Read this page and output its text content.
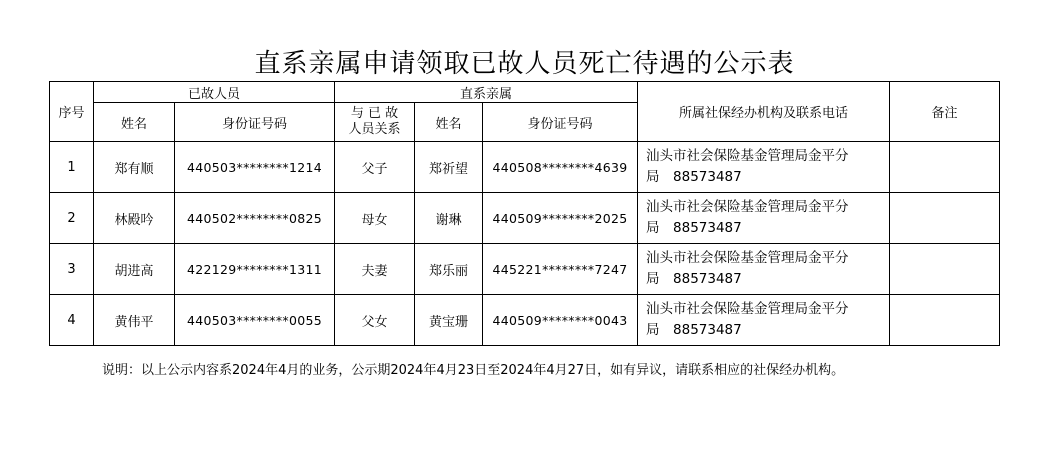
直系亲属申请领取已故人员死亡待遇的公示表
序号	已故人员		直系亲属			所属社保经办机构及联系电话	备注
	姓名	身份证号码	与 已 故
人员关系	姓名	身份证号码		
1	郑有顺	440503********1214	父子	郑祈望	440508********4639	汕头市社会保险基金管理局金平分
局　88573487	

2	林殿吟	440502********0825	母女	谢琳	440509********2025	汕头市社会保险基金管理局金平分
局　88573487	

3	胡进高	422129********1311	夫妻	郑乐丽	445221********7247	汕头市社会保险基金管理局金平分
局　88573487	

4	黄伟平	440503********0055	父女	黄宝珊	440509********0043	汕头市社会保险基金管理局金平分
局　88573487	

说明：以上公示内容系2024年4月的业务，公示期2024年4月23日至2024年4月27日，如有异议，请联系相应的社保经办机构。
